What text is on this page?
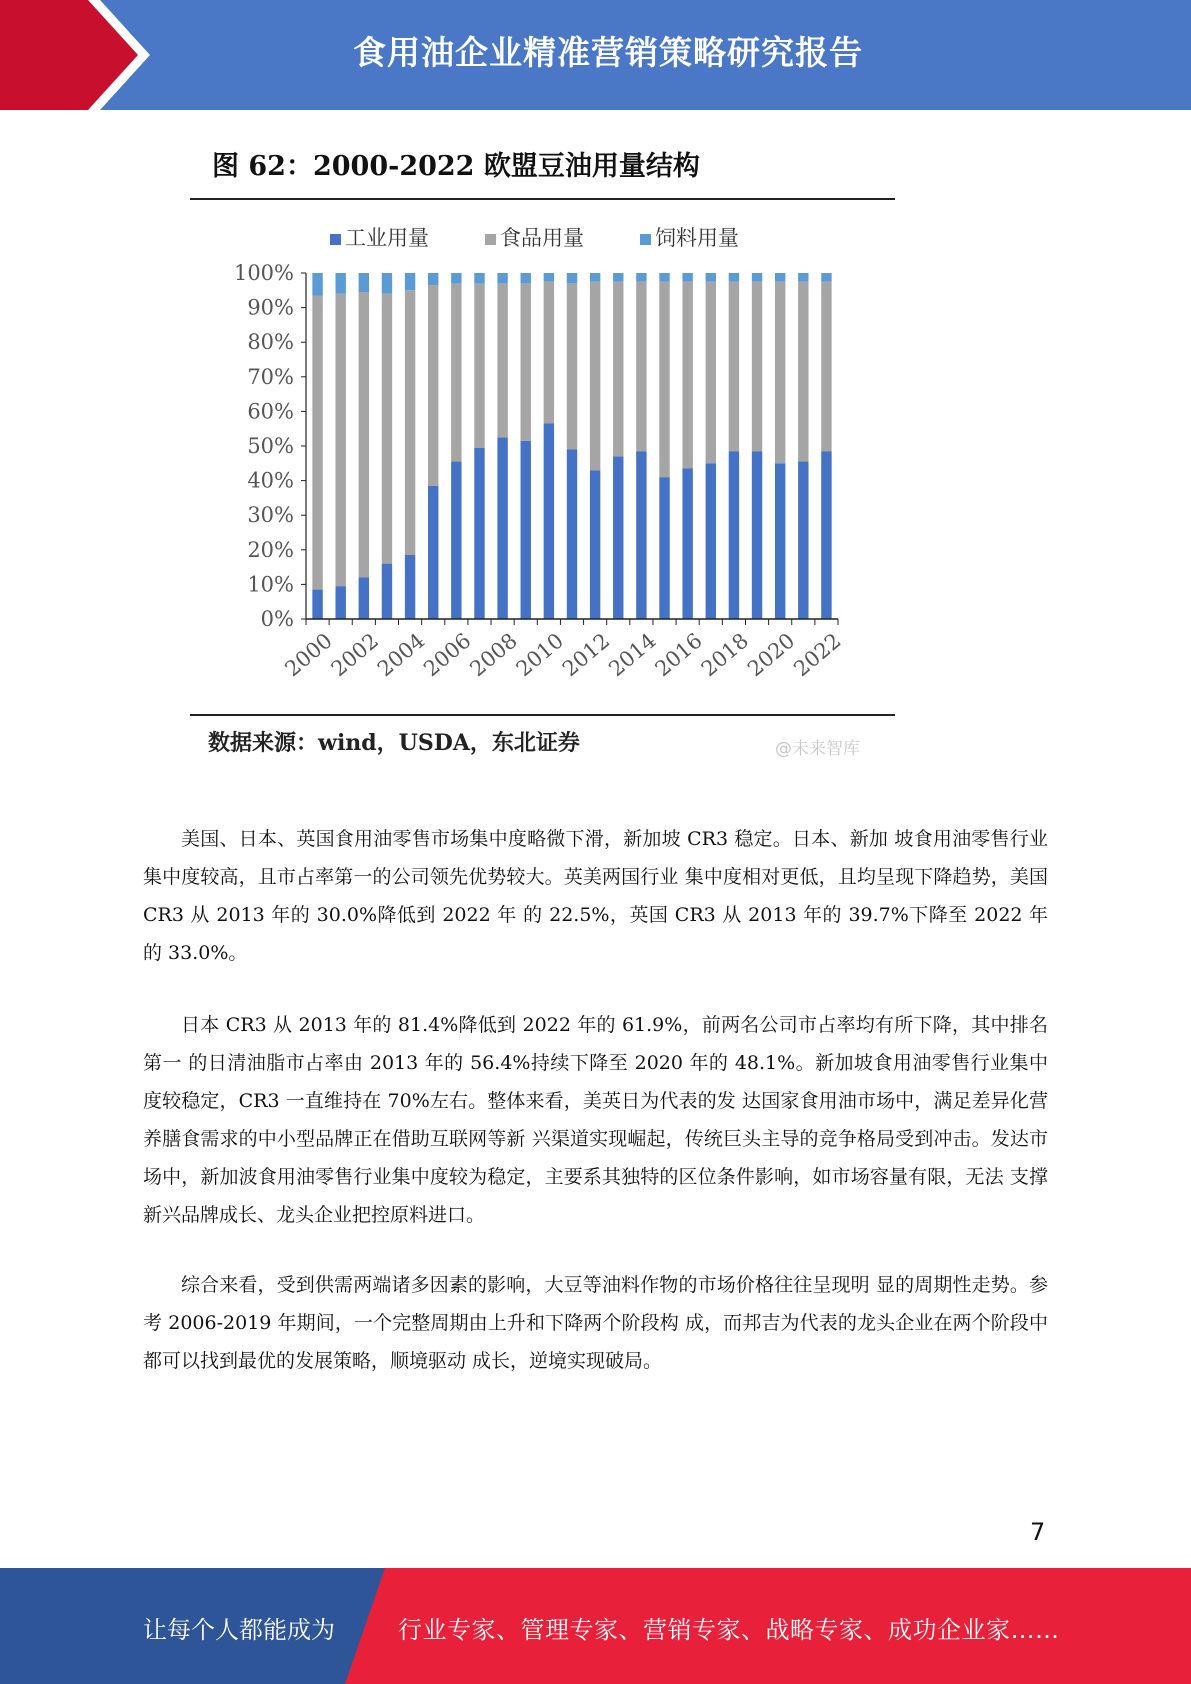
食用油企业精准营销策略研究报告
图 62：2000-2022 欧盟豆油用量结构
工业用量	食品用量	饲料用量
0%
10%
20%
30%
40%
50%
60%
70%
80%
90%
100%
2000
2002
2004
2006
2008
2010
2012
2014
2016
2018
2020
2022
数据来源：wind，USDA，东北证券	@未来智库

美国、日本、英国食用油零售市场集中度略微下滑，新加坡 CR3 稳定。日本、新加 坡食用油零售行业集中度较高，且市占率第一的公司领先优势较大。英美两国行业 集中度相对更低，且均呈现下降趋势，美国 CR3 从 2013 年的 30.0%降低到 2022 年 的 22.5%，英国 CR3 从 2013 年的 39.7%下降至 2022 年的 33.0%。

日本 CR3 从 2013 年的 81.4%降低到 2022 年的 61.9%，前两名公司市占率均有所下降，其中排名第一 的日清油脂市占率由 2013 年的 56.4%持续下降至 2020 年的 48.1%。新加坡食用油零售行业集中度较稳定，CR3 一直维持在 70%左右。整体来看，美英日为代表的发 达国家食用油市场中，满足差异化营养膳食需求的中小型品牌正在借助互联网等新 兴渠道实现崛起，传统巨头主导的竞争格局受到冲击。发达市场中，新加波食用油零售行业集中度较为稳定，主要系其独特的区位条件影响，如市场容量有限，无法 支撑新兴品牌成长、龙头企业把控原料进口。

综合来看，受到供需两端诸多因素的影响，大豆等油料作物的市场价格往往呈现明 显的周期性走势。参考 2006-2019 年期间，一个完整周期由上升和下降两个阶段构 成，而邦吉为代表的龙头企业在两个阶段中都可以找到最优的发展策略，顺境驱动 成长，逆境实现破局。

7
让每个人都能成为	行业专家、管理专家、营销专家、战略专家、成功企业家……
